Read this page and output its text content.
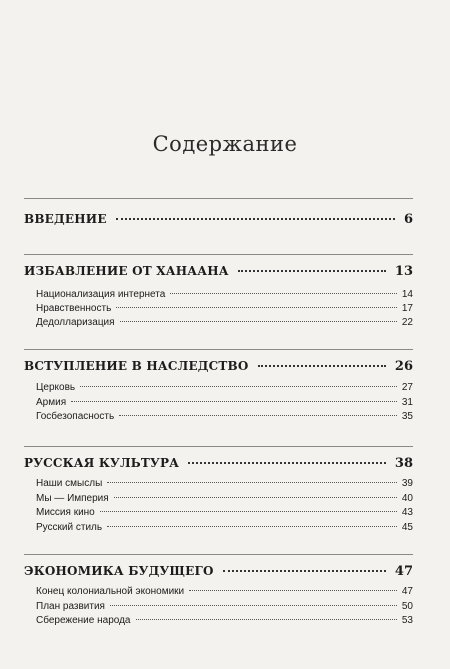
Содержание
ВВЕДЕНИЕ	6
ИЗБАВЛЕНИЕ ОТ ХАНААНА	13
Национализация интернета	14
Нравственность	17
Дедолларизация	22
ВСТУПЛЕНИЕ В НАСЛЕДСТВО	26
Церковь	27
Армия	31
Госбезопасность	35
РУССКАЯ КУЛЬТУРА	38
Наши смыслы	39
Мы — Империя	40
Миссия кино	43
Русский стиль	45
ЭКОНОМИКА БУДУЩЕГО	47
Конец колониальной экономики	47
План развития	50
Сбережение народа	53
